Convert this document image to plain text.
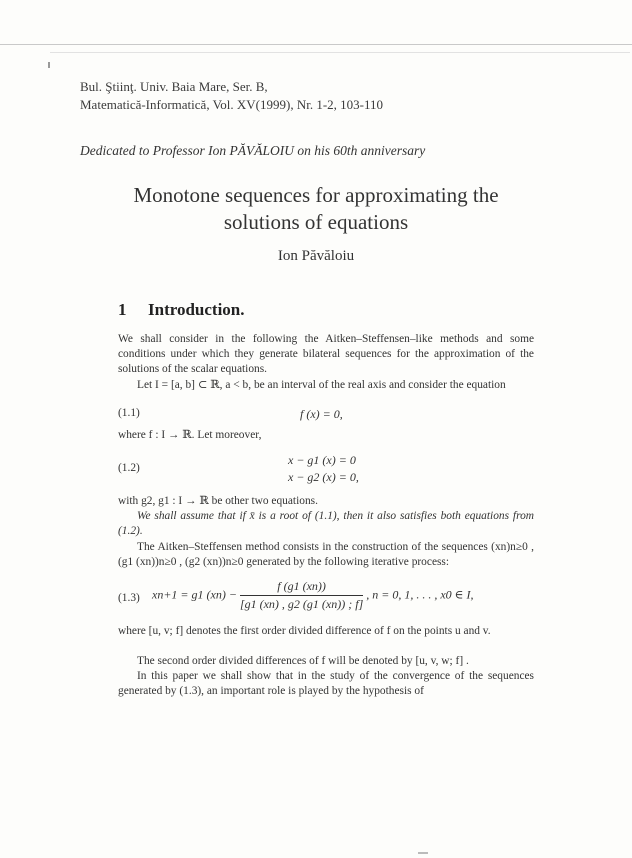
Bul. Ştiinţ. Univ. Baia Mare, Ser. B,
Matematică-Informatică, Vol. XV(1999), Nr. 1-2, 103-110
Dedicated to Professor Ion PĂVĂLOIU on his 60th anniversary
Monotone sequences for approximating the
solutions of equations
Ion Păvăloiu
1 Introduction.
We shall consider in the following the Aitken–Steffensen–like methods and some conditions under which they generate bilateral sequences for the approximation of the solutions of the scalar equations.
Let I = [a, b] ⊂ ℝ, a < b, be an interval of the real axis and consider the equation
(1.1)	f (x) = 0,
where f : I → ℝ. Let moreover,
(1.2)
x − g1 (x) = 0
x − g2 (x) = 0,
with g2, g1 : I → ℝ be other two equations.
We shall assume that if x̄ is a root of (1.1), then it also satisfies both equations from (1.2).
The Aitken–Steffensen method consists in the construction of the sequences (xn)n≥0 , (g1 (xn))n≥0 , (g2 (xn))n≥0 generated by the following iterative process:
(1.3) xn+1 = g1 $(xn) - \frac{f (g1 (xn))}{[g1 (xn) , g2 (g1 (xn)) ; f]}$ , n = 0, 1, . . . , x0 ∈ I,
where [u, v; f] denotes the first order divided difference of f on the points u and v.
The second order divided differences of f will be denoted by [u, v, w; f] .
In this paper we shall show that in the study of the convergence of the sequences generated by (1.3), an important role is played by the hypothesis of
